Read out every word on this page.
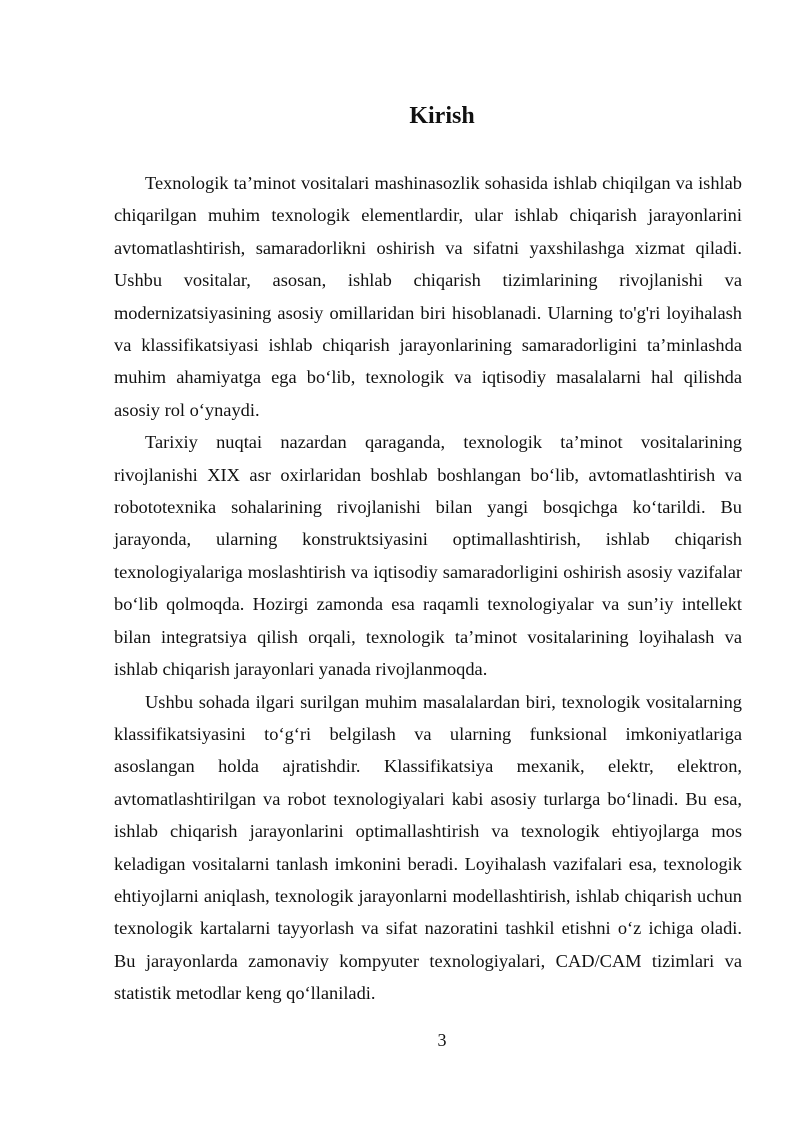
Kirish

Texnologik ta’minot vositalari mashinasozlik sohasida ishlab chiqilgan va ishlab chiqarilgan muhim texnologik elementlardir, ular ishlab chiqarish jarayonlarini avtomatlashtirish, samaradorlikni oshirish va sifatni yaxshilashga xizmat qiladi. Ushbu vositalar, asosan, ishlab chiqarish tizimlarining rivojlanishi va modernizatsiyasining asosiy omillaridan biri hisoblanadi. Ularning to'g'ri loyihalash va klassifikatsiyasi ishlab chiqarish jarayonlarining samaradorligini ta’minlashda muhim ahamiyatga ega bo‘lib, texnologik va iqtisodiy masalalarni hal qilishda asosiy rol o‘ynaydi.

Tarixiy nuqtai nazardan qaraganda, texnologik ta’minot vositalarining rivojlanishi XIX asr oxirlaridan boshlab boshlangan bo‘lib, avtomatlashtirish va robototexnika sohalarining rivojlanishi bilan yangi bosqichga ko‘tarildi. Bu jarayonda, ularning konstruktsiyasini optimallashtirish, ishlab chiqarish texnologiyalariga moslashtirish va iqtisodiy samaradorligini oshirish asosiy vazifalar bo‘lib qolmoqda. Hozirgi zamonda esa raqamli texnologiyalar va sun’iy intellekt bilan integratsiya qilish orqali, texnologik ta’minot vositalarining loyihalash va ishlab chiqarish jarayonlari yanada rivojlanmoqda.

Ushbu sohada ilgari surilgan muhim masalalardan biri, texnologik vositalarning klassifikatsiyasini to‘g‘ri belgilash va ularning funksional imkoniyatlariga asoslangan holda ajratishdir. Klassifikatsiya mexanik, elektr, elektron, avtomatlashtirilgan va robot texnologiyalari kabi asosiy turlarga bo‘linadi. Bu esa, ishlab chiqarish jarayonlarini optimallashtirish va texnologik ehtiyojlarga mos keladigan vositalarni tanlash imkonini beradi. Loyihalash vazifalari esa, texnologik ehtiyojlarni aniqlash, texnologik jarayonlarni modellashtirish, ishlab chiqarish uchun texnologik kartalarni tayyorlash va sifat nazoratini tashkil etishni o‘z ichiga oladi. Bu jarayonlarda zamonaviy kompyuter texnologiyalari, CAD/CAM tizimlari va statistik metodlar keng qo‘llaniladi.

3
